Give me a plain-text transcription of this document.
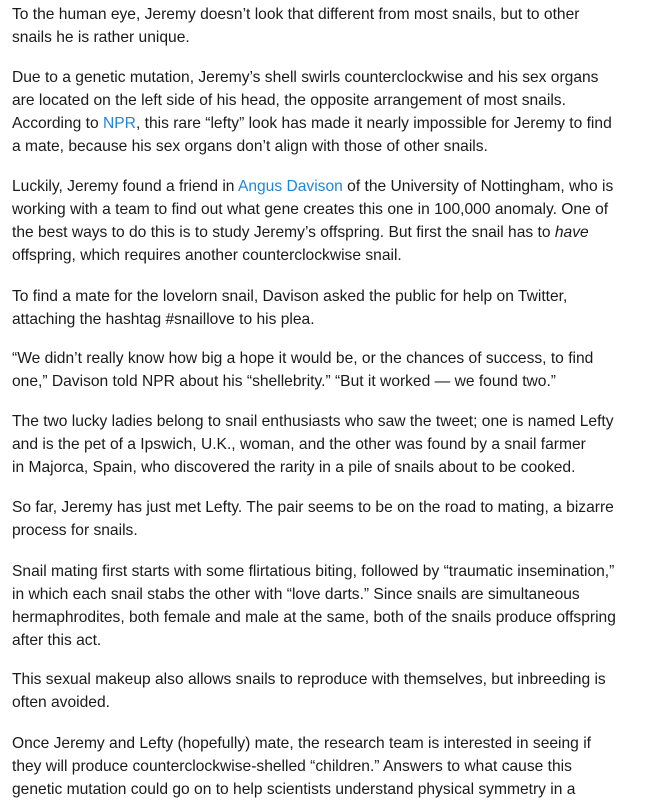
To the human eye, Jeremy doesn’t look that different from most snails, but to other
snails he is rather unique.

Due to a genetic mutation, Jeremy’s shell swirls counterclockwise and his sex organs
are located on the left side of his head, the opposite arrangement of most snails.
According to NPR, this rare “lefty” look has made it nearly impossible for Jeremy to find
a mate, because his sex organs don’t align with those of other snails.

Luckily, Jeremy found a friend in Angus Davison of the University of Nottingham, who is
working with a team to find out what gene creates this one in 100,000 anomaly. One of
the best ways to do this is to study Jeremy’s offspring. But first the snail has to have
offspring, which requires another counterclockwise snail.

To find a mate for the lovelorn snail, Davison asked the public for help on Twitter,
attaching the hashtag #snaillove to his plea.

“We didn’t really know how big a hope it would be, or the chances of success, to find
one,” Davison told NPR about his “shellebrity.” “But it worked — we found two.”

The two lucky ladies belong to snail enthusiasts who saw the tweet; one is named Lefty
and is the pet of a Ipswich, U.K., woman, and the other was found by a snail farmer
in Majorca, Spain, who discovered the rarity in a pile of snails about to be cooked.

So far, Jeremy has just met Lefty. The pair seems to be on the road to mating, a bizarre
process for snails.

Snail mating first starts with some flirtatious biting, followed by “traumatic insemination,”
in which each snail stabs the other with “love darts.” Since snails are simultaneous
hermaphrodites, both female and male at the same, both of the snails produce offspring
after this act.

This sexual makeup also allows snails to reproduce with themselves, but inbreeding is
often avoided.

Once Jeremy and Lefty (hopefully) mate, the research team is interested in seeing if
they will produce counterclockwise-shelled “children.” Answers to what cause this
genetic mutation could go on to help scientists understand physical symmetry in a
